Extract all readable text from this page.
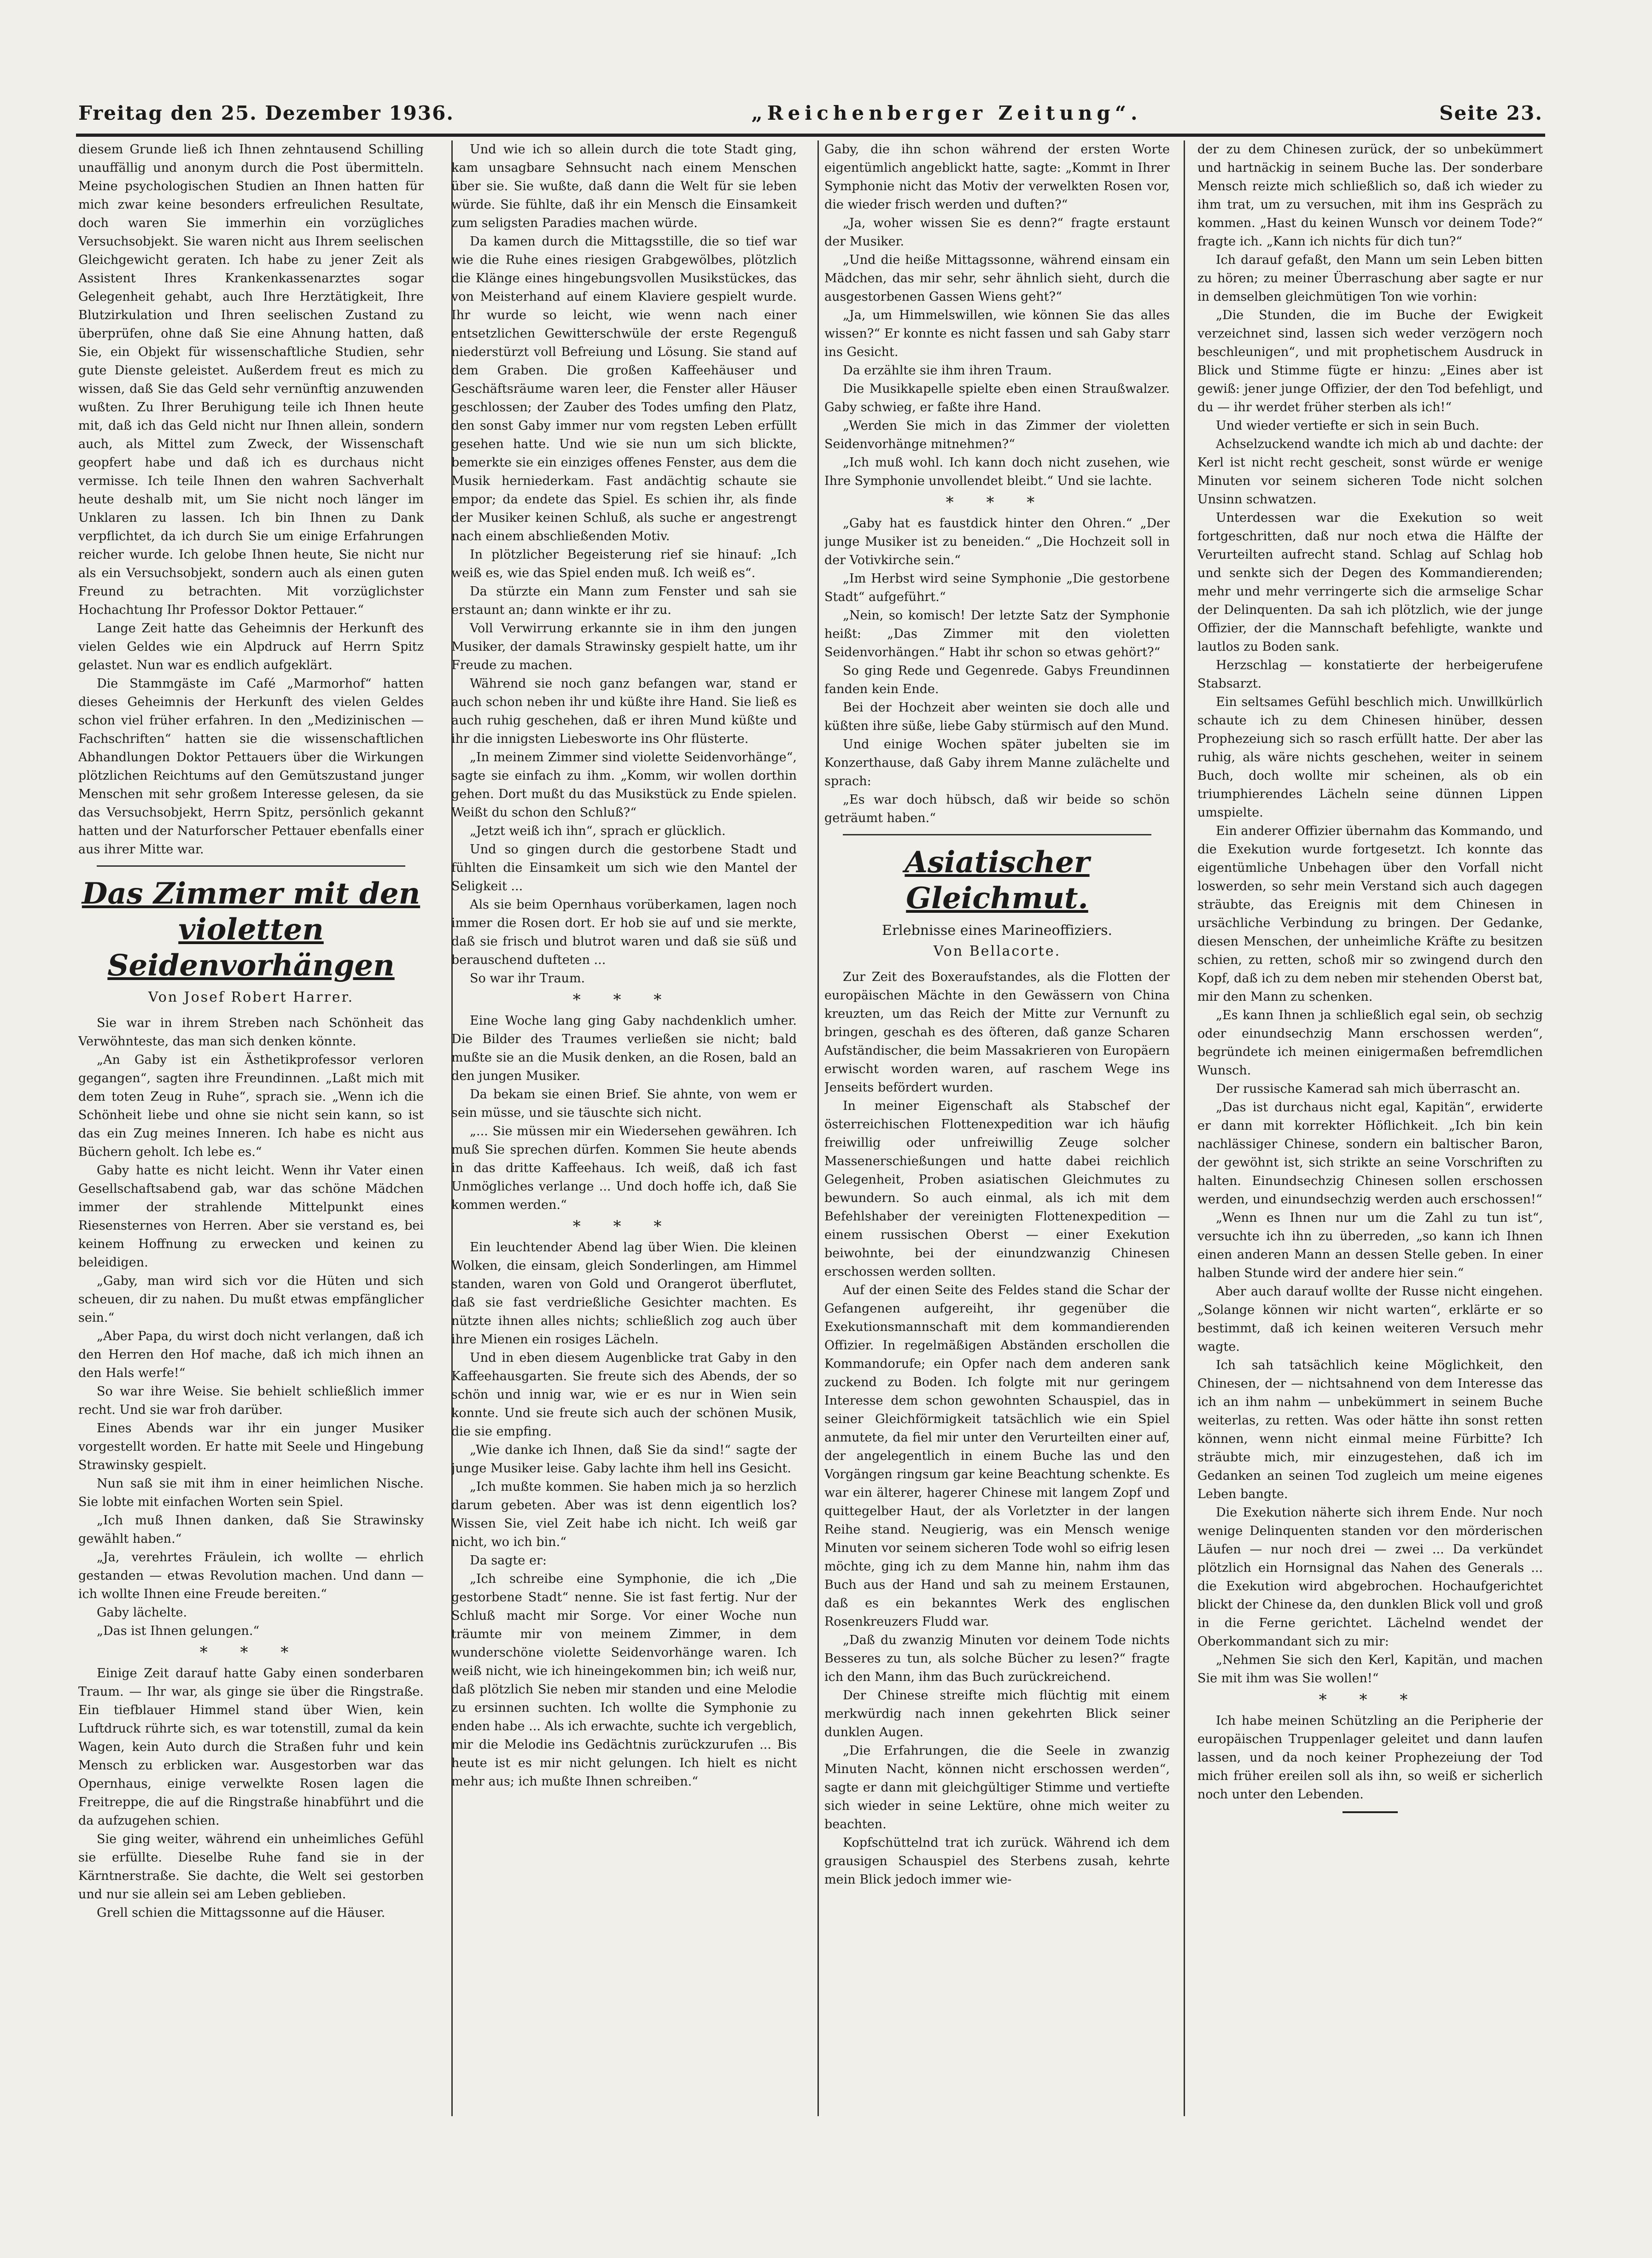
Freitag den 25. Dezember 1936.	„Reichenberger Zeitung“.	Seite 23.

diesem Grunde ließ ich Ihnen zehntausend Schilling unauffällig und anonym durch die Post übermitteln. Meine psychologischen Studien an Ihnen hatten für mich zwar keine besonders erfreulichen Resultate, doch waren Sie immerhin ein vorzügliches Versuchsobjekt. Sie waren nicht aus Ihrem seelischen Gleichgewicht geraten. Ich habe zu jener Zeit als Assistent Ihres Krankenkassenarztes sogar Gelegenheit gehabt, auch Ihre Herztätigkeit, Ihre Blutzirkulation und Ihren seelischen Zustand zu überprüfen, ohne daß Sie eine Ahnung hatten, daß Sie, ein Objekt für wissenschaftliche Studien, sehr gute Dienste geleistet. Außerdem freut es mich zu wissen, daß Sie das Geld sehr vernünftig anzuwenden wußten. Zu Ihrer Beruhigung teile ich Ihnen heute mit, daß ich das Geld nicht nur Ihnen allein, sondern auch, als Mittel zum Zweck, der Wissenschaft geopfert habe und daß ich es durchaus nicht vermisse. Ich teile Ihnen den wahren Sachverhalt heute deshalb mit, um Sie nicht noch länger im Unklaren zu lassen. Ich bin Ihnen zu Dank verpflichtet, da ich durch Sie um einige Erfahrungen reicher wurde. Ich gelobe Ihnen heute, Sie nicht nur als ein Versuchsobjekt, sondern auch als einen guten Freund zu betrachten. Mit vorzüglichster Hochachtung Ihr Professor Doktor Pettauer.“

Lange Zeit hatte das Geheimnis der Herkunft des vielen Geldes wie ein Alpdruck auf Herrn Spitz gelastet. Nun war es endlich aufgeklärt.

Die Stammgäste im Café „Marmorhof“ hatten dieses Geheimnis der Herkunft des vielen Geldes schon viel früher erfahren. In den „Medizinischen — Fachschriften“ hatten sie die wissenschaftlichen Abhandlungen Doktor Pettauers über die Wirkungen plötzlichen Reichtums auf den Gemütszustand junger Menschen mit sehr großem Interesse gelesen, da sie das Versuchsobjekt, Herrn Spitz, persönlich gekannt hatten und der Naturforscher Pettauer ebenfalls einer aus ihrer Mitte war.

Das Zimmer mit den violetten Seidenvorhängen
Von Josef Robert Harrer.

Sie war in ihrem Streben nach Schönheit das Verwöhnteste, das man sich denken könnte.

„An Gaby ist ein Ästhetikprofessor verloren gegangen“, sagten ihre Freundinnen. „Laßt mich mit dem toten Zeug in Ruhe“, sprach sie. „Wenn ich die Schönheit liebe und ohne sie nicht sein kann, so ist das ein Zug meines Inneren. Ich habe es nicht aus Büchern geholt. Ich lebe es.“

Gaby hatte es nicht leicht. Wenn ihr Vater einen Gesellschaftsabend gab, war das schöne Mädchen immer der strahlende Mittelpunkt eines Riesensternes von Herren. Aber sie verstand es, bei keinem Hoffnung zu erwecken und keinen zu beleidigen.

„Gaby, man wird sich vor die Hüten und sich scheuen, dir zu nahen. Du mußt etwas empfänglicher sein.“

„Aber Papa, du wirst doch nicht verlangen, daß ich den Herren den Hof mache, daß ich mich ihnen an den Hals werfe!“

So war ihre Weise. Sie behielt schließlich immer recht. Und sie war froh darüber.

Eines Abends war ihr ein junger Musiker vorgestellt worden. Er hatte mit Seele und Hingebung Strawinsky gespielt.

Nun saß sie mit ihm in einer heimlichen Nische. Sie lobte mit einfachen Worten sein Spiel.

„Ich muß Ihnen danken, daß Sie Strawinsky gewählt haben.“

„Ja, verehrtes Fräulein, ich wollte — ehrlich gestanden — etwas Revolution machen. Und dann — ich wollte Ihnen eine Freude bereiten.“

Gaby lächelte.

„Das ist Ihnen gelungen.“

* * *

Einige Zeit darauf hatte Gaby einen sonderbaren Traum. — Ihr war, als ginge sie über die Ringstraße. Ein tiefblauer Himmel stand über Wien, kein Luftdruck rührte sich, es war totenstill, zumal da kein Wagen, kein Auto durch die Straßen fuhr und kein Mensch zu erblicken war. Ausgestorben war das Opernhaus, einige verwelkte Rosen lagen die Freitreppe, die auf die Ringstraße hinabführt und die da aufzugehen schien.

Sie ging weiter, während ein unheimliches Gefühl sie erfüllte. Dieselbe Ruhe fand sie in der Kärntnerstraße. Sie dachte, die Welt sei gestorben und nur sie allein sei am Leben geblieben.

Grell schien die Mittagssonne auf die Häuser.

Und wie ich so allein durch die tote Stadt ging, kam unsagbare Sehnsucht nach einem Menschen über sie. Sie wußte, daß dann die Welt für sie leben würde. Sie fühlte, daß ihr ein Mensch die Einsamkeit zum seligsten Paradies machen würde.

Da kamen durch die Mittagsstille, die so tief war wie die Ruhe eines riesigen Grabgewölbes, plötzlich die Klänge eines hingebungsvollen Musikstückes, das von Meisterhand auf einem Klaviere gespielt wurde. Ihr wurde so leicht, wie wenn nach einer entsetzlichen Gewitterschwüle der erste Regenguß niederstürzt voll Befreiung und Lösung. Sie stand auf dem Graben. Die großen Kaffeehäuser und Geschäftsräume waren leer, die Fenster aller Häuser geschlossen; der Zauber des Todes umfing den Platz, den sonst Gaby immer nur vom regsten Leben erfüllt gesehen hatte. Und wie sie nun um sich blickte, bemerkte sie ein einziges offenes Fenster, aus dem die Musik herniederkam. Fast andächtig schaute sie empor; da endete das Spiel. Es schien ihr, als finde der Musiker keinen Schluß, als suche er angestrengt nach einem abschließenden Motiv.

In plötzlicher Begeisterung rief sie hinauf: „Ich weiß es, wie das Spiel enden muß. Ich weiß es“.

Da stürzte ein Mann zum Fenster und sah sie erstaunt an; dann winkte er ihr zu.

Voll Verwirrung erkannte sie in ihm den jungen Musiker, der damals Strawinsky gespielt hatte, um ihr Freude zu machen.

Während sie noch ganz befangen war, stand er auch schon neben ihr und küßte ihre Hand. Sie ließ es auch ruhig geschehen, daß er ihren Mund küßte und ihr die innigsten Liebesworte ins Ohr flüsterte.

„In meinem Zimmer sind violette Seidenvorhänge“, sagte sie einfach zu ihm. „Komm, wir wollen dorthin gehen. Dort mußt du das Musikstück zu Ende spielen. Weißt du schon den Schluß?“

„Jetzt weiß ich ihn“, sprach er glücklich.

Und so gingen durch die gestorbene Stadt und fühlten die Einsamkeit um sich wie den Mantel der Seligkeit ...

Als sie beim Opernhaus vorüberkamen, lagen noch immer die Rosen dort. Er hob sie auf und sie merkte, daß sie frisch und blutrot waren und daß sie süß und berauschend dufteten ...

So war ihr Traum.

* * *

Eine Woche lang ging Gaby nachdenklich umher. Die Bilder des Traumes verließen sie nicht; bald mußte sie an die Musik denken, an die Rosen, bald an den jungen Musiker.

Da bekam sie einen Brief. Sie ahnte, von wem er sein müsse, und sie täuschte sich nicht.

„... Sie müssen mir ein Wiedersehen gewähren. Ich muß Sie sprechen dürfen. Kommen Sie heute abends in das dritte Kaffeehaus. Ich weiß, daß ich fast Unmögliches verlange ... Und doch hoffe ich, daß Sie kommen werden.“

* * *

Ein leuchtender Abend lag über Wien. Die kleinen Wolken, die einsam, gleich Sonderlingen, am Himmel standen, waren von Gold und Orangerot überflutet, daß sie fast verdrießliche Gesichter machten. Es nützte ihnen alles nichts; schließlich zog auch über ihre Mienen ein rosiges Lächeln.

Und in eben diesem Augenblicke trat Gaby in den Kaffeehausgarten. Sie freute sich des Abends, der so schön und innig war, wie er es nur in Wien sein konnte. Und sie freute sich auch der schönen Musik, die sie empfing.

„Wie danke ich Ihnen, daß Sie da sind!“ sagte der junge Musiker leise. Gaby lachte ihm hell ins Gesicht.

„Ich mußte kommen. Sie haben mich ja so herzlich darum gebeten. Aber was ist denn eigentlich los? Wissen Sie, viel Zeit habe ich nicht. Ich weiß gar nicht, wo ich bin.“

Da sagte er:

„Ich schreibe eine Symphonie, die ich „Die gestorbene Stadt“ nenne. Sie ist fast fertig. Nur der Schluß macht mir Sorge. Vor einer Woche nun träumte mir von meinem Zimmer, in dem wunderschöne violette Seidenvorhänge waren. Ich weiß nicht, wie ich hineingekommen bin; ich weiß nur, daß plötzlich Sie neben mir standen und eine Melodie zu ersinnen suchten. Ich wollte die Symphonie zu enden habe ... Als ich erwachte, suchte ich vergeblich, mir die Melodie ins Gedächtnis zurückzurufen ... Bis heute ist es mir nicht gelungen. Ich hielt es nicht mehr aus; ich mußte Ihnen schreiben.“

Gaby, die ihn schon während der ersten Worte eigentümlich angeblickt hatte, sagte: „Kommt in Ihrer Symphonie nicht das Motiv der verwelkten Rosen vor, die wieder frisch werden und duften?“

„Ja, woher wissen Sie es denn?“ fragte erstaunt der Musiker.

„Und die heiße Mittagssonne, während einsam ein Mädchen, das mir sehr, sehr ähnlich sieht, durch die ausgestorbenen Gassen Wiens geht?“

„Ja, um Himmelswillen, wie können Sie das alles wissen?“ Er konnte es nicht fassen und sah Gaby starr ins Gesicht.

Da erzählte sie ihm ihren Traum.

Die Musikkapelle spielte eben einen Straußwalzer. Gaby schwieg, er faßte ihre Hand.

„Werden Sie mich in das Zimmer der violetten Seidenvorhänge mitnehmen?“

„Ich muß wohl. Ich kann doch nicht zusehen, wie Ihre Symphonie unvollendet bleibt.“ Und sie lachte.

* * *

„Gaby hat es faustdick hinter den Ohren.“ „Der junge Musiker ist zu beneiden.“ „Die Hochzeit soll in der Votivkirche sein.“

„Im Herbst wird seine Symphonie „Die gestorbene Stadt“ aufgeführt.“

„Nein, so komisch! Der letzte Satz der Symphonie heißt: „Das Zimmer mit den violetten Seidenvorhängen.“ Habt ihr schon so etwas gehört?“

So ging Rede und Gegenrede. Gabys Freundinnen fanden kein Ende.

Bei der Hochzeit aber weinten sie doch alle und küßten ihre süße, liebe Gaby stürmisch auf den Mund.

Und einige Wochen später jubelten sie im Konzerthause, daß Gaby ihrem Manne zulächelte und sprach:

„Es war doch hübsch, daß wir beide so schön geträumt haben.“

Asiatischer Gleichmut.
Erlebnisse eines Marineoffiziers.
Von Bellacorte.

Zur Zeit des Boxeraufstandes, als die Flotten der europäischen Mächte in den Gewässern von China kreuzten, um das Reich der Mitte zur Vernunft zu bringen, geschah es des öfteren, daß ganze Scharen Aufständischer, die beim Massakrieren von Europäern erwischt worden waren, auf raschem Wege ins Jenseits befördert wurden.

In meiner Eigenschaft als Stabschef der österreichischen Flottenexpedition war ich häufig freiwillig oder unfreiwillig Zeuge solcher Massenerschießungen und hatte dabei reichlich Gelegenheit, Proben asiatischen Gleichmutes zu bewundern. So auch einmal, als ich mit dem Befehlshaber der vereinigten Flottenexpedition — einem russischen Oberst — einer Exekution beiwohnte, bei der einundzwanzig Chinesen erschossen werden sollten.

Auf der einen Seite des Feldes stand die Schar der Gefangenen aufgereiht, ihr gegenüber die Exekutionsmannschaft mit dem kommandierenden Offizier. In regelmäßigen Abständen erschollen die Kommandorufe; ein Opfer nach dem anderen sank zuckend zu Boden. Ich folgte mit nur geringem Interesse dem schon gewohnten Schauspiel, das in seiner Gleichförmigkeit tatsächlich wie ein Spiel anmutete, da fiel mir unter den Verurteilten einer auf, der angelegentlich in einem Buche las und den Vorgängen ringsum gar keine Beachtung schenkte. Es war ein älterer, hagerer Chinese mit langem Zopf und quittegelber Haut, der als Vorletzter in der langen Reihe stand. Neugierig, was ein Mensch wenige Minuten vor seinem sicheren Tode wohl so eifrig lesen möchte, ging ich zu dem Manne hin, nahm ihm das Buch aus der Hand und sah zu meinem Erstaunen, daß es ein bekanntes Werk des englischen Rosenkreuzers Fludd war.

„Daß du zwanzig Minuten vor deinem Tode nichts Besseres zu tun, als solche Bücher zu lesen?“ fragte ich den Mann, ihm das Buch zurückreichend.

Der Chinese streifte mich flüchtig mit einem merkwürdig nach innen gekehrten Blick seiner dunklen Augen.

„Die Erfahrungen, die die Seele in zwanzig Minuten Nacht, können nicht erschossen werden“, sagte er dann mit gleichgültiger Stimme und vertiefte sich wieder in seine Lektüre, ohne mich weiter zu beachten.

Kopfschüttelnd trat ich zurück. Während ich dem grausigen Schauspiel des Sterbens zusah, kehrte mein Blick jedoch immer wie-

der zu dem Chinesen zurück, der so unbekümmert und hartnäckig in seinem Buche las. Der sonderbare Mensch reizte mich schließlich so, daß ich wieder zu ihm trat, um zu versuchen, mit ihm ins Gespräch zu kommen. „Hast du keinen Wunsch vor deinem Tode?“ fragte ich. „Kann ich nichts für dich tun?“

Ich darauf gefaßt, den Mann um sein Leben bitten zu hören; zu meiner Überraschung aber sagte er nur in demselben gleichmütigen Ton wie vorhin:

„Die Stunden, die im Buche der Ewigkeit verzeichnet sind, lassen sich weder verzögern noch beschleunigen“, und mit prophetischem Ausdruck in Blick und Stimme fügte er hinzu: „Eines aber ist gewiß: jener junge Offizier, der den Tod befehligt, und du — ihr werdet früher sterben als ich!“

Und wieder vertiefte er sich in sein Buch.

Achselzuckend wandte ich mich ab und dachte: der Kerl ist nicht recht gescheit, sonst würde er wenige Minuten vor seinem sicheren Tode nicht solchen Unsinn schwatzen.

Unterdessen war die Exekution so weit fortgeschritten, daß nur noch etwa die Hälfte der Verurteilten aufrecht stand. Schlag auf Schlag hob und senkte sich der Degen des Kommandierenden; mehr und mehr verringerte sich die armselige Schar der Delinquenten. Da sah ich plötzlich, wie der junge Offizier, der die Mannschaft befehligte, wankte und lautlos zu Boden sank.

Herzschlag — konstatierte der herbeigerufene Stabsarzt.

Ein seltsames Gefühl beschlich mich. Unwillkürlich schaute ich zu dem Chinesen hinüber, dessen Prophezeiung sich so rasch erfüllt hatte. Der aber las ruhig, als wäre nichts geschehen, weiter in seinem Buch, doch wollte mir scheinen, als ob ein triumphierendes Lächeln seine dünnen Lippen umspielte.

Ein anderer Offizier übernahm das Kommando, und die Exekution wurde fortgesetzt. Ich konnte das eigentümliche Unbehagen über den Vorfall nicht loswerden, so sehr mein Verstand sich auch dagegen sträubte, das Ereignis mit dem Chinesen in ursächliche Verbindung zu bringen. Der Gedanke, diesen Menschen, der unheimliche Kräfte zu besitzen schien, zu retten, schoß mir so zwingend durch den Kopf, daß ich zu dem neben mir stehenden Oberst bat, mir den Mann zu schenken.

„Es kann Ihnen ja schließlich egal sein, ob sechzig oder einundsechzig Mann erschossen werden“, begründete ich meinen einigermaßen befremdlichen Wunsch.

Der russische Kamerad sah mich überrascht an.

„Das ist durchaus nicht egal, Kapitän“, erwiderte er dann mit korrekter Höflichkeit. „Ich bin kein nachlässiger Chinese, sondern ein baltischer Baron, der gewöhnt ist, sich strikte an seine Vorschriften zu halten. Einundsechzig Chinesen sollen erschossen werden, und einundsechzig werden auch erschossen!“

„Wenn es Ihnen nur um die Zahl zu tun ist“, versuchte ich ihn zu überreden, „so kann ich Ihnen einen anderen Mann an dessen Stelle geben. In einer halben Stunde wird der andere hier sein.“

Aber auch darauf wollte der Russe nicht eingehen. „Solange können wir nicht warten“, erklärte er so bestimmt, daß ich keinen weiteren Versuch mehr wagte.

Ich sah tatsächlich keine Möglichkeit, den Chinesen, der — nichtsahnend von dem Interesse das ich an ihm nahm — unbekümmert in seinem Buche weiterlas, zu retten. Was oder hätte ihn sonst retten können, wenn nicht einmal meine Fürbitte? Ich sträubte mich, mir einzugestehen, daß ich im Gedanken an seinen Tod zugleich um meine eigenes Leben bangte.

Die Exekution näherte sich ihrem Ende. Nur noch wenige Delinquenten standen vor den mörderischen Läufen — nur noch drei — zwei ... Da verkündet plötzlich ein Hornsignal das Nahen des Generals ... die Exekution wird abgebrochen. Hochaufgerichtet blickt der Chinese da, den dunklen Blick voll und groß in die Ferne gerichtet. Lächelnd wendet der Oberkommandant sich zu mir:

„Nehmen Sie sich den Kerl, Kapitän, und machen Sie mit ihm was Sie wollen!“

* * *

Ich habe meinen Schützling an die Peripherie der europäischen Truppenlager geleitet und dann laufen lassen, und da noch keiner Prophezeiung der Tod mich früher ereilen soll als ihn, so weiß er sicherlich noch unter den Lebenden.
